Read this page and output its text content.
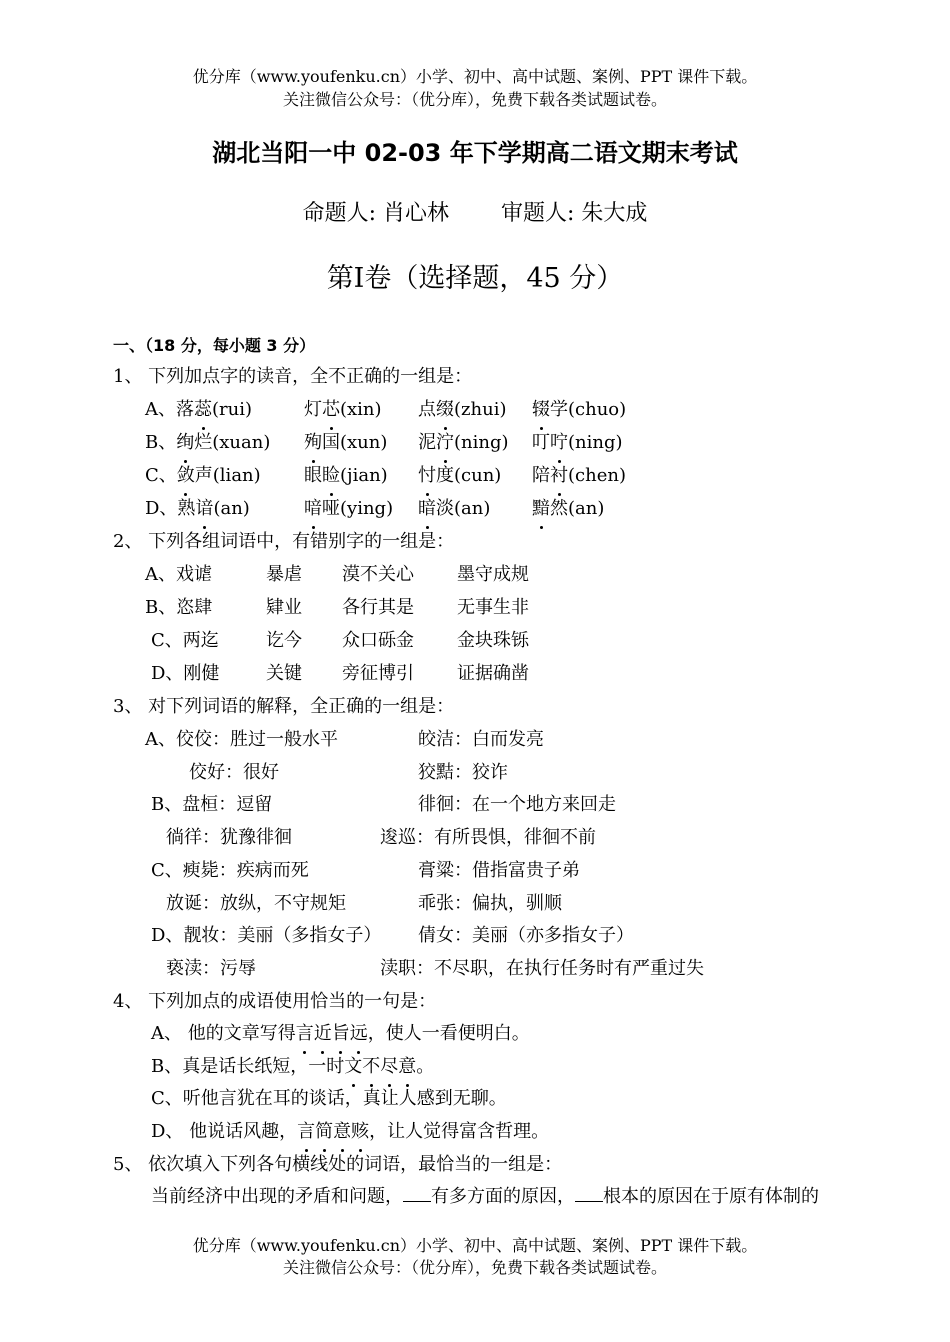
优分库（www.youfenku.cn）小学、初中、高中试题、案例、PPT 课件下载。
关注微信公众号：（优分库），免费下载各类试题试卷。
湖北当阳一中 02-03 年下学期高二语文期末考试
命题人: 肖心林 审题人: 朱大成
第Ⅰ卷（选择题，45 分）
一、（18 分，每小题 3 分）
1、 下列加点字的读音，全不正确的一组是：
A、落蕊(rui)	灯芯(xin) 点缀(zhui) 辍学(chuo)
B、绚烂(xuan) 殉国(xun) 泥泞(ning) 叮咛(ning)
C、敛声(lian) 眼睑(jian) 忖度(cun) 陪衬(chen)
D、熟谙(an)	喑哑(ying) 暗淡(an) 黯然(an)
2、 下列各组词语中，有错别字的一组是：
A、戏谑	暴虐 漠不关心 墨守成规
B、恣肆	肄业 各行其是 无事生非
C、两迄	讫今 众口砾金 金块珠铄
D、刚健	关键 旁征博引 证据确凿
3、 对下列词语的解释，全正确的一组是：
A、佼佼：胜过一般水平	皎洁：白而发亮
佼好：很好	狡黠：狡诈
B、盘桓：逗留	徘徊：在一个地方来回走
徜徉：犹豫徘徊	逡巡：有所畏惧，徘徊不前
C、瘐毙：疾病而死	膏粱：借指富贵子弟
放诞：放纵，不守规矩	乖张：偏执，驯顺
D、靓妆：美丽（多指女子） 倩女：美丽（亦多指女子）
亵渎：污辱	渎职：不尽职，在执行任务时有严重过失
4、 下列加点的成语使用恰当的一句是：
A、 他的文章写得言近旨远，使人一看便明白。
B、真是话长纸短，一时文不尽意。
C、听他言犹在耳的谈话，真让人感到无聊。
D、 他说话风趣，言简意赅，让人觉得富含哲理。
5、 依次填入下列各句横线处的词语，最恰当的一组是：
当前经济中出现的矛盾和问题， 有多方面的原因， 根本的原因在于原有体制的
优分库（www.youfenku.cn）小学、初中、高中试题、案例、PPT 课件下载。
关注微信公众号：（优分库），免费下载各类试题试卷。
